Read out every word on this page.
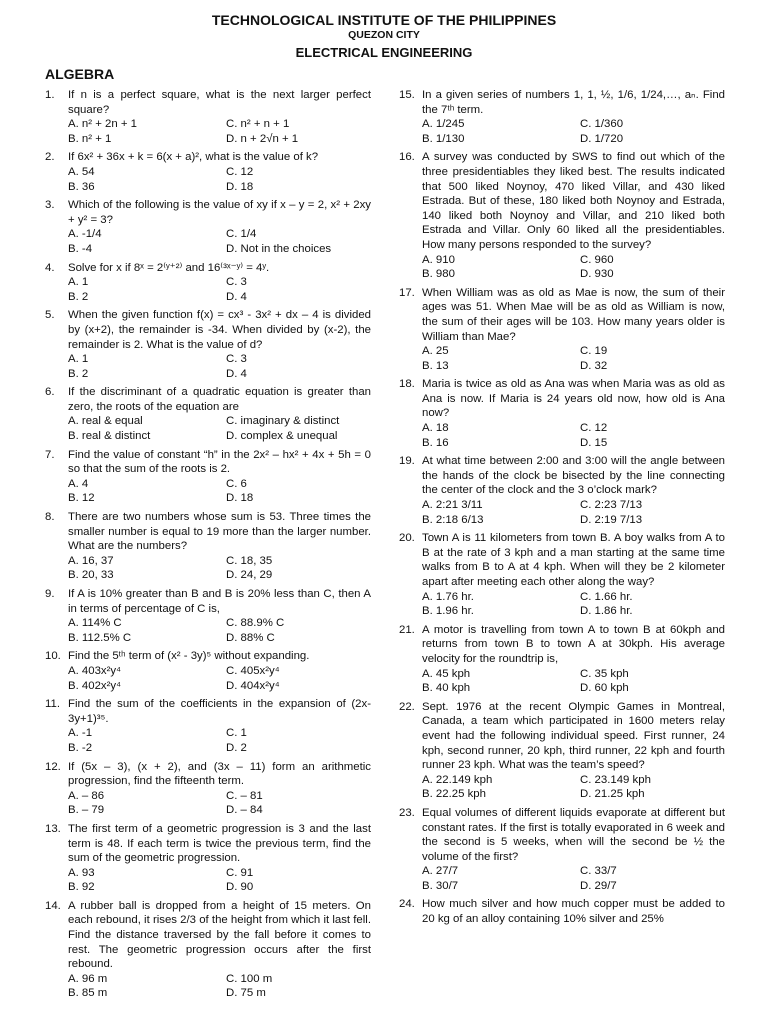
TECHNOLOGICAL INSTITUTE OF THE PHILIPPINES
QUEZON CITY
ELECTRICAL ENGINEERING
ALGEBRA
1. If n is a perfect square, what is the next larger perfect square?
A. n² + 2n + 1	C. n² + n + 1
B. n² + 1	D. n + 2√n + 1
2. If 6x² + 36x + k = 6(x + a)², what is the value of k?
A. 54	C. 12
B. 36	D. 18
3. Which of the following is the value of xy if x – y = 2, x² + 2xy + y² = 3?
A. -1/4	C. 1/4
B. -4	D. Not in the choices
4. Solve for x if 8ˣ = 2⁽ʸ⁺²⁾ and 16⁽³ˣ⁻ʸ⁾ = 4ʸ.
A. 1	C. 3
B. 2	D. 4
5. When the given function f(x) = cx³ - 3x² + dx – 4 is divided by (x+2), the remainder is -34. When divided by (x-2), the remainder is 2. What is the value of d?
A. 1	C. 3
B. 2	D. 4
6. If the discriminant of a quadratic equation is greater than zero, the roots of the equation are
A. real & equal	C. imaginary & distinct
B. real & distinct	D. complex & unequal
7. Find the value of constant “h” in the 2x² – hx² + 4x + 5h = 0 so that the sum of the roots is 2.
A. 4	C. 6
B. 12	D. 18
8. There are two numbers whose sum is 53. Three times the smaller number is equal to 19 more than the larger number. What are the numbers?
A. 16, 37	C. 18, 35
B. 20, 33	D. 24, 29
9. If A is 10% greater than B and B is 20% less than C, then A in terms of percentage of C is,
A. 114% C	C. 88.9% C
B. 112.5% C	D. 88% C
10. Find the 5ᵗʰ term of (x² - 3y)⁵ without expanding.
A. 403x²y⁴	C. 405x²y⁴
B. 402x²y⁴	D. 404x²y⁴
11. Find the sum of the coefficients in the expansion of (2x-3y+1)³⁵.
A. -1	C. 1
B. -2	D. 2
12. If (5x – 3), (x + 2), and (3x – 11) form an arithmetic progression, find the fifteenth term.
A. – 86	C. – 81
B. – 79	D. – 84
13. The first term of a geometric progression is 3 and the last term is 48. If each term is twice the previous term, find the sum of the geometric progression.
A. 93	C. 91
B. 92	D. 90
14. A rubber ball is dropped from a height of 15 meters. On each rebound, it rises 2/3 of the height from which it last fell. Find the distance traversed by the fall before it comes to rest. The geometric progression occurs after the first rebound.
A. 96 m	C. 100 m
B. 85 m	D. 75 m
15. In a given series of numbers 1, 1, ½, 1/6, 1/24,…, aₙ. Find the 7ᵗʰ term.
A. 1/245	C. 1/360
B. 1/130	D. 1/720
16. A survey was conducted by SWS to find out which of the three presidentiables they liked best. The results indicated that 500 liked Noynoy, 470 liked Villar, and 430 liked Estrada. But of these, 180 liked both Noynoy and Estrada, 140 liked both Noynoy and Villar, and 210 liked both Estrada and Villar. Only 60 liked all the presidentiables. How many persons responded to the survey?
A. 910	C. 960
B. 980	D. 930
17. When William was as old as Mae is now, the sum of their ages was 51. When Mae will be as old as William is now, the sum of their ages will be 103. How many years older is William than Mae?
A. 25	C. 19
B. 13	D. 32
18. Maria is twice as old as Ana was when Maria was as old as Ana is now. If Maria is 24 years old now, how old is Ana now?
A. 18	C. 12
B. 16	D. 15
19. At what time between 2:00 and 3:00 will the angle between the hands of the clock be bisected by the line connecting the center of the clock and the 3 o’clock mark?
A. 2:21 3/11	C. 2:23 7/13
B. 2:18 6/13	D. 2:19 7/13
20. Town A is 11 kilometers from town B. A boy walks from A to B at the rate of 3 kph and a man starting at the same time walks from B to A at 4 kph. When will they be 2 kilometer apart after meeting each other along the way?
A. 1.76 hr.	C. 1.66 hr.
B. 1.96 hr.	D. 1.86 hr.
21. A motor is travelling from town A to town B at 60kph and returns from town B to town A at 30kph. His average velocity for the roundtrip is,
A. 45 kph	C. 35 kph
B. 40 kph	D. 60 kph
22. Sept. 1976 at the recent Olympic Games in Montreal, Canada, a team which participated in 1600 meters relay event had the following individual speed. First runner, 24 kph, second runner, 20 kph, third runner, 22 kph and fourth runner 23 kph. What was the team’s speed?
A. 22.149 kph	C. 23.149 kph
B. 22.25 kph	D. 21.25 kph
23. Equal volumes of different liquids evaporate at different but constant rates. If the first is totally evaporated in 6 week and the second is 5 weeks, when will the second be ½ the volume of the first?
A. 27/7	C. 33/7
B. 30/7	D. 29/7
24. How much silver and how much copper must be added to 20 kg of an alloy containing 10% silver and 25%
